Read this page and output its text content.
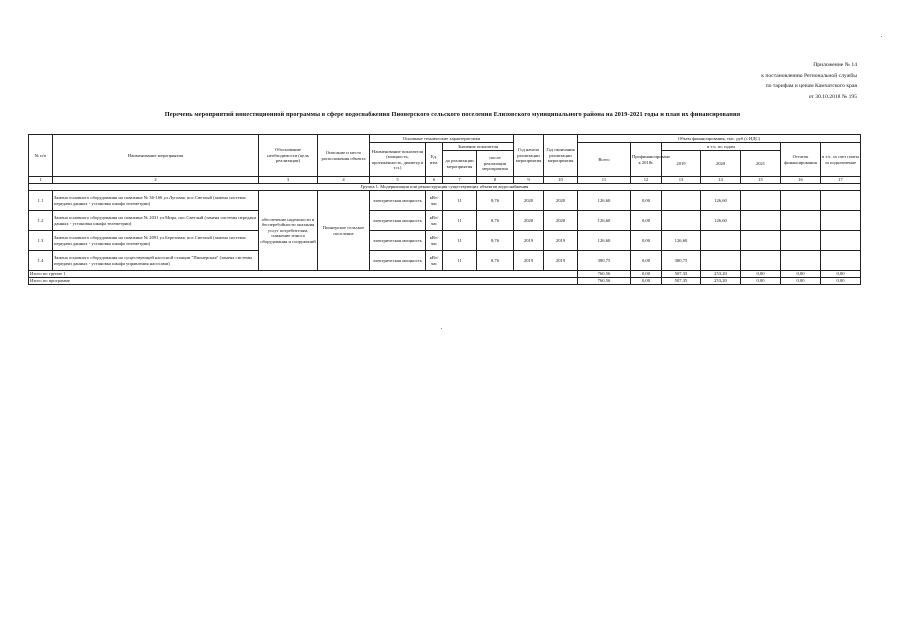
Приложение № 14
к постановлению Региональной службы
по тарифам и ценам Камчатского края
от 30.10.2018 № 195
Перечень мероприятий инвестиционной программы в сфере водоснабжения Пионерского сельского поселения Елизовского муниципального района на 2019-2021 годы и план их финансирования
№ п/п	Наименование мероприятия	Обоснование необходимости (цель реализации)	Описание и место расположения объекта	Основные технические характеристики				Год начала реализации мероприятия	Год окончания реализации мероприятия	Объем финансирования, тыс. руб (с НДС)						
				Наименование показателя (мощность, протяжённость, диаметр и т.п.)	Ед. изм.	Значение показателя				Всего	Профинансировано к 2018г.	в т.ч. по годам			Остаток финансирования	в т.ч. за счет платы за подключение
						до реализации мероприятия	после реализации мероприятия					2019	2020	2021		
1	2	3	4	5	6	7	8	9	10	11	12	13	14	15	16	17
Группа 1. Модернизация или реконструкция существующих объектов водоснабжения																
1.1	Замена основного оборудования на скважине № 36-166 ул.Луговая, пос.Светлый (замена системы передачи данных - установка шкафа телеметрии)	обеспечение надежности и бесперебойности оказания услуг потребителям, снижение износа оборудования и сооружений	Пионерское сельское поселение	электрическая мощность	кВт/час	11	8,76	2020	2020	126,60	0,00		126,60			
1.2	Замена основного оборудования на скважине № 2031 ул.Мира, пос.Светлый (замена системы передачи данных - установка шкафа телеметрии)			электрическая мощность	кВт/час	11	8,76	2020	2020	126,60	0,00		126,60			
1.3	Замена основного оборудования на скважине № 2091 ул.Березовая, пос.Светлый (замена системы передачи данных - установка шкафа телеметрии)			электрическая мощность	кВт/час	11	8,76	2019	2019	126,60	0,00	126,60				
1.4	Замена основного оборудования на существующей насосной станции "Пионерская" (замена системы передачи данных - установка шкафа управления насосами)			электрическая мощность	кВт/час	11	8,76	2019	2019	380,75	0,00	380,75				
Итого по группе 1										760,56	0,00	507,35	253,20	0,00	0,00	0,00
Итого по программе										760,56	0,00	507,35	253,20	0,00	0,00	0,00
